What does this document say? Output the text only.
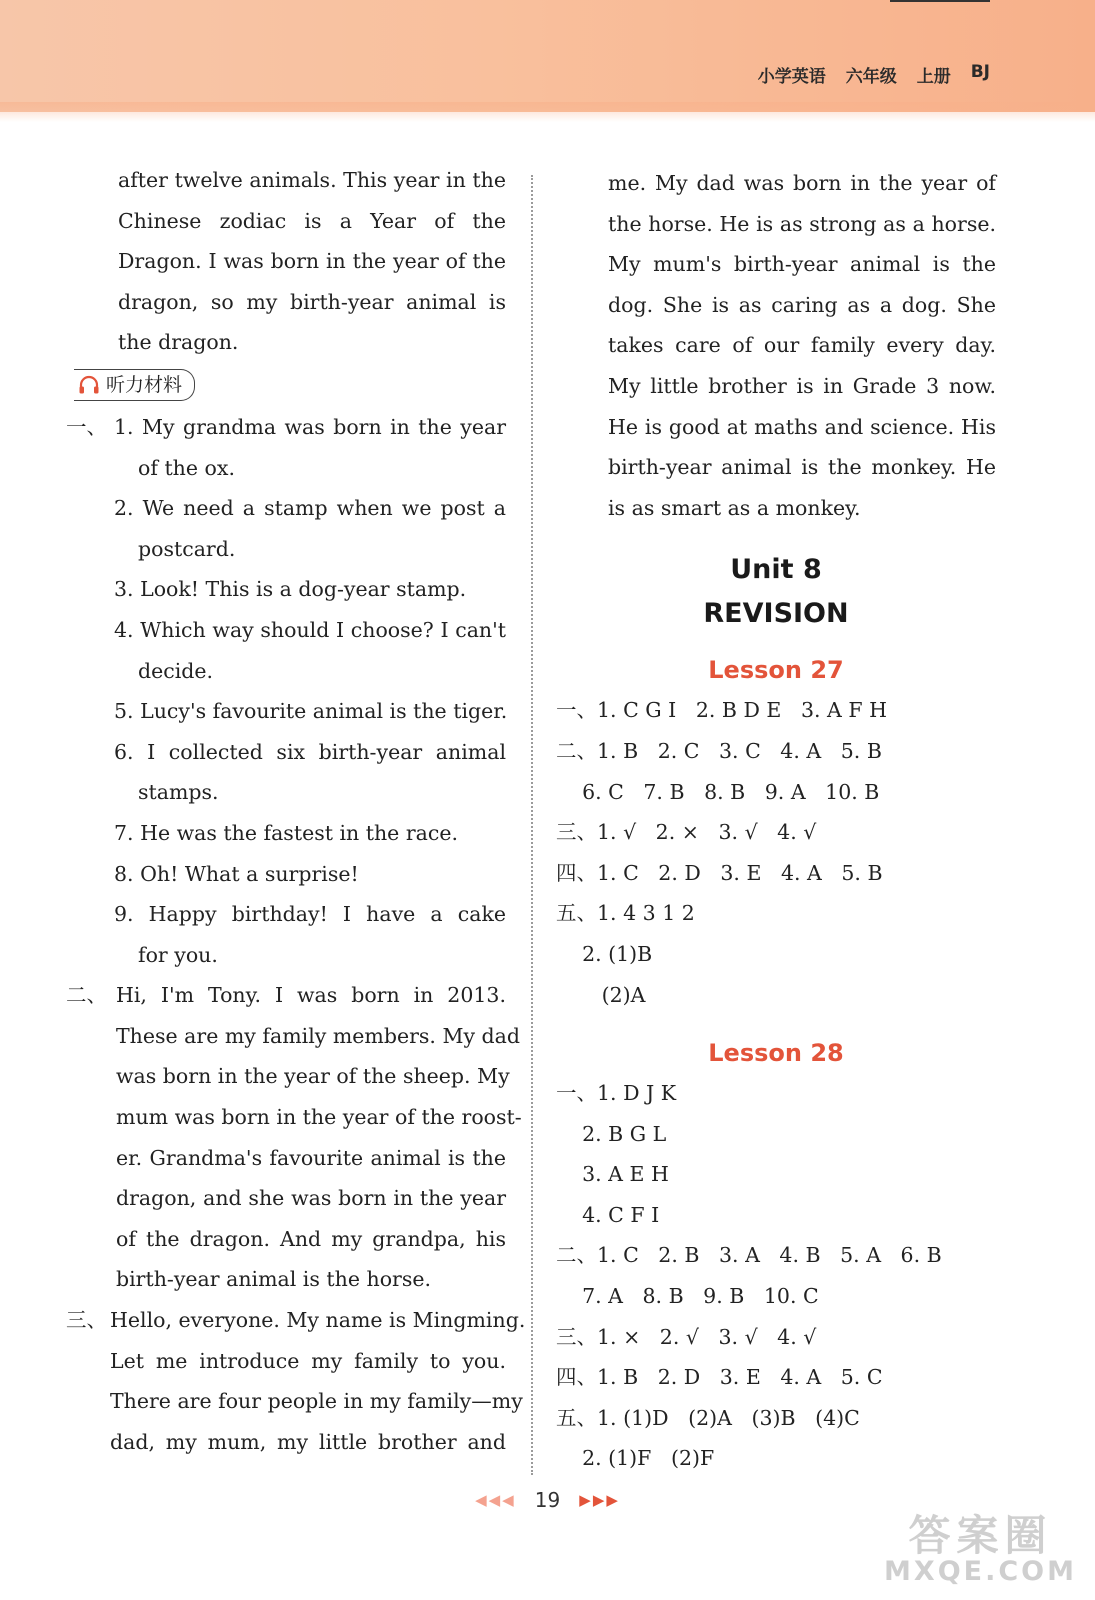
小学英语 六年级 上册 BJ
after twelve animals. This year in the
Chinese zodiac is a Year of the
Dragon. I was born in the year of the
dragon, so my birth-year animal is
the dragon.
听力材料
一、 1. My grandma was born in the year
of the ox.
2. We need a stamp when we post a
postcard.
3. Look! This is a dog-year stamp.
4. Which way should I choose? I can't
decide.
5. Lucy's favourite animal is the tiger.
6. I collected six birth-year animal
stamps.
7. He was the fastest in the race.
8. Oh! What a surprise!
9. Happy birthday! I have a cake
for you.
二、 Hi, I'm Tony. I was born in 2013.
These are my family members. My dad
was born in the year of the sheep. My
mum was born in the year of the roost-
er. Grandma's favourite animal is the
dragon, and she was born in the year
of the dragon. And my grandpa, his
birth-year animal is the horse.
三、 Hello, everyone. My name is Mingming.
Let me introduce my family to you.
There are four people in my family—my
dad, my mum, my little brother and
me. My dad was born in the year of
the horse. He is as strong as a horse.
My mum's birth-year animal is the
dog. She is as caring as a dog. She
takes care of our family every day.
My little brother is in Grade 3 now.
He is good at maths and science. His
birth-year animal is the monkey. He
is as smart as a monkey.
Unit 8
REVISION
Lesson 27
一、1. C G I   2. B D E   3. A F H
二、1. B   2. C   3. C   4. A   5. B
6. C   7. B   8. B   9. A   10. B
三、1. √   2. ×   3. √   4. √
四、1. C   2. D   3. E   4. A   5. B
五、1. 4 3 1 2
2. (1)B
(2)A
Lesson 28
一、1. D J K
2. B G L
3. A E H
4. C F I
二、1. C   2. B   3. A   4. B   5. A   6. B
7. A   8. B   9. B   10. C
三、1. ×   2. √   3. √   4. √
四、1. B   2. D   3. E   4. A   5. C
五、1. (1)D   (2)A   (3)B   (4)C
2. (1)F   (2)F
◀◀◀ 19 ▶▶▶
答案圈
MXQE.COM
